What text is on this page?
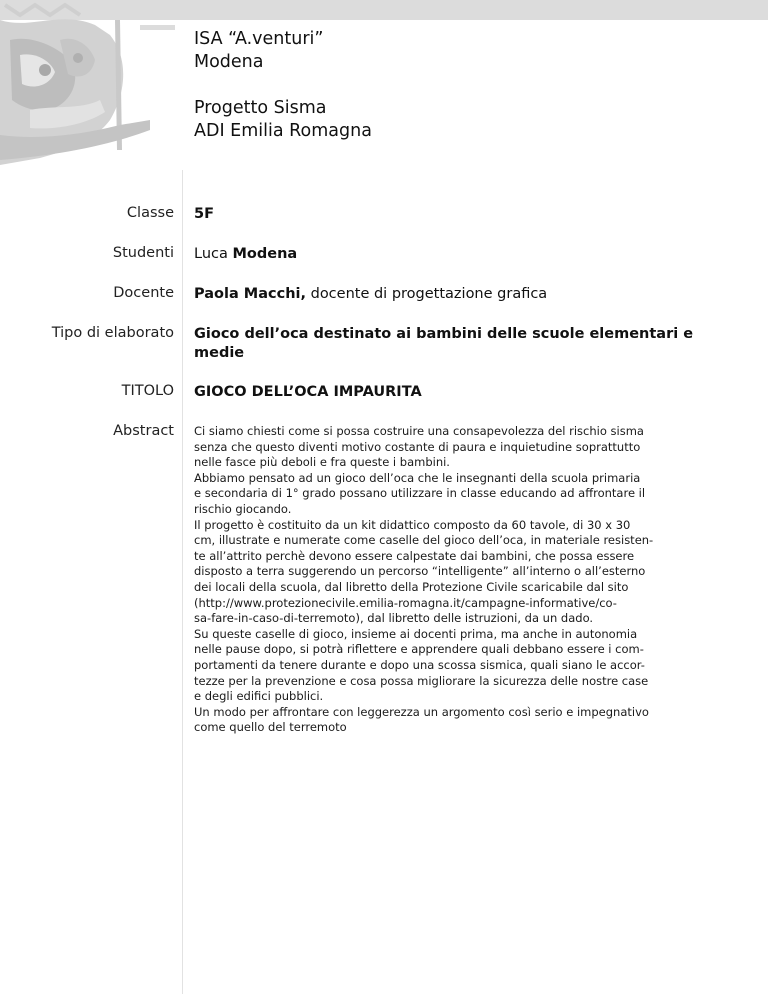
ISA “A.venturi”
Modena
Progetto Sisma
ADI Emilia Romagna
Classe 5F
Studenti Luca Modena
Docente Paola Macchi, docente di progettazione grafica
Tipo di elaborato Gioco dell’oca destinato ai bambini delle scuole elementari e
medie
TITOLO GIOCO DELL’OCA IMPAURITA
Abstract Ci siamo chiesti come si possa costruire una consapevolezza del rischio sisma
senza che questo diventi motivo costante di paura e inquietudine soprattutto
nelle fasce più deboli e fra queste i bambini.
Abbiamo pensato ad un gioco dell’oca che le insegnanti della scuola primaria
e secondaria di 1° grado possano utilizzare in classe educando ad affrontare il
rischio giocando.
Il progetto è costituito da un kit didattico composto da 60 tavole, di 30 x 30
cm, illustrate e numerate come caselle del gioco dell’oca, in materiale resisten-
te all’attrito perchè devono essere calpestate dai bambini, che possa essere
disposto a terra suggerendo un percorso “intelligente” all’interno o all’esterno
dei locali della scuola, dal libretto della Protezione Civile scaricabile dal sito
(http://www.protezionecivile.emilia-romagna.it/campagne-informative/co-
sa-fare-in-caso-di-terremoto), dal libretto delle istruzioni, da un dado.
Su queste caselle di gioco, insieme ai docenti prima, ma anche in autonomia
nelle pause dopo, si potrà riflettere e apprendere quali debbano essere i com-
portamenti da tenere durante e dopo una scossa sismica, quali siano le accor-
tezze per la prevenzione e cosa possa migliorare la sicurezza delle nostre case
e degli edifici pubblici.
Un modo per affrontare con leggerezza un argomento così serio e impegnativo
come quello del terremoto
